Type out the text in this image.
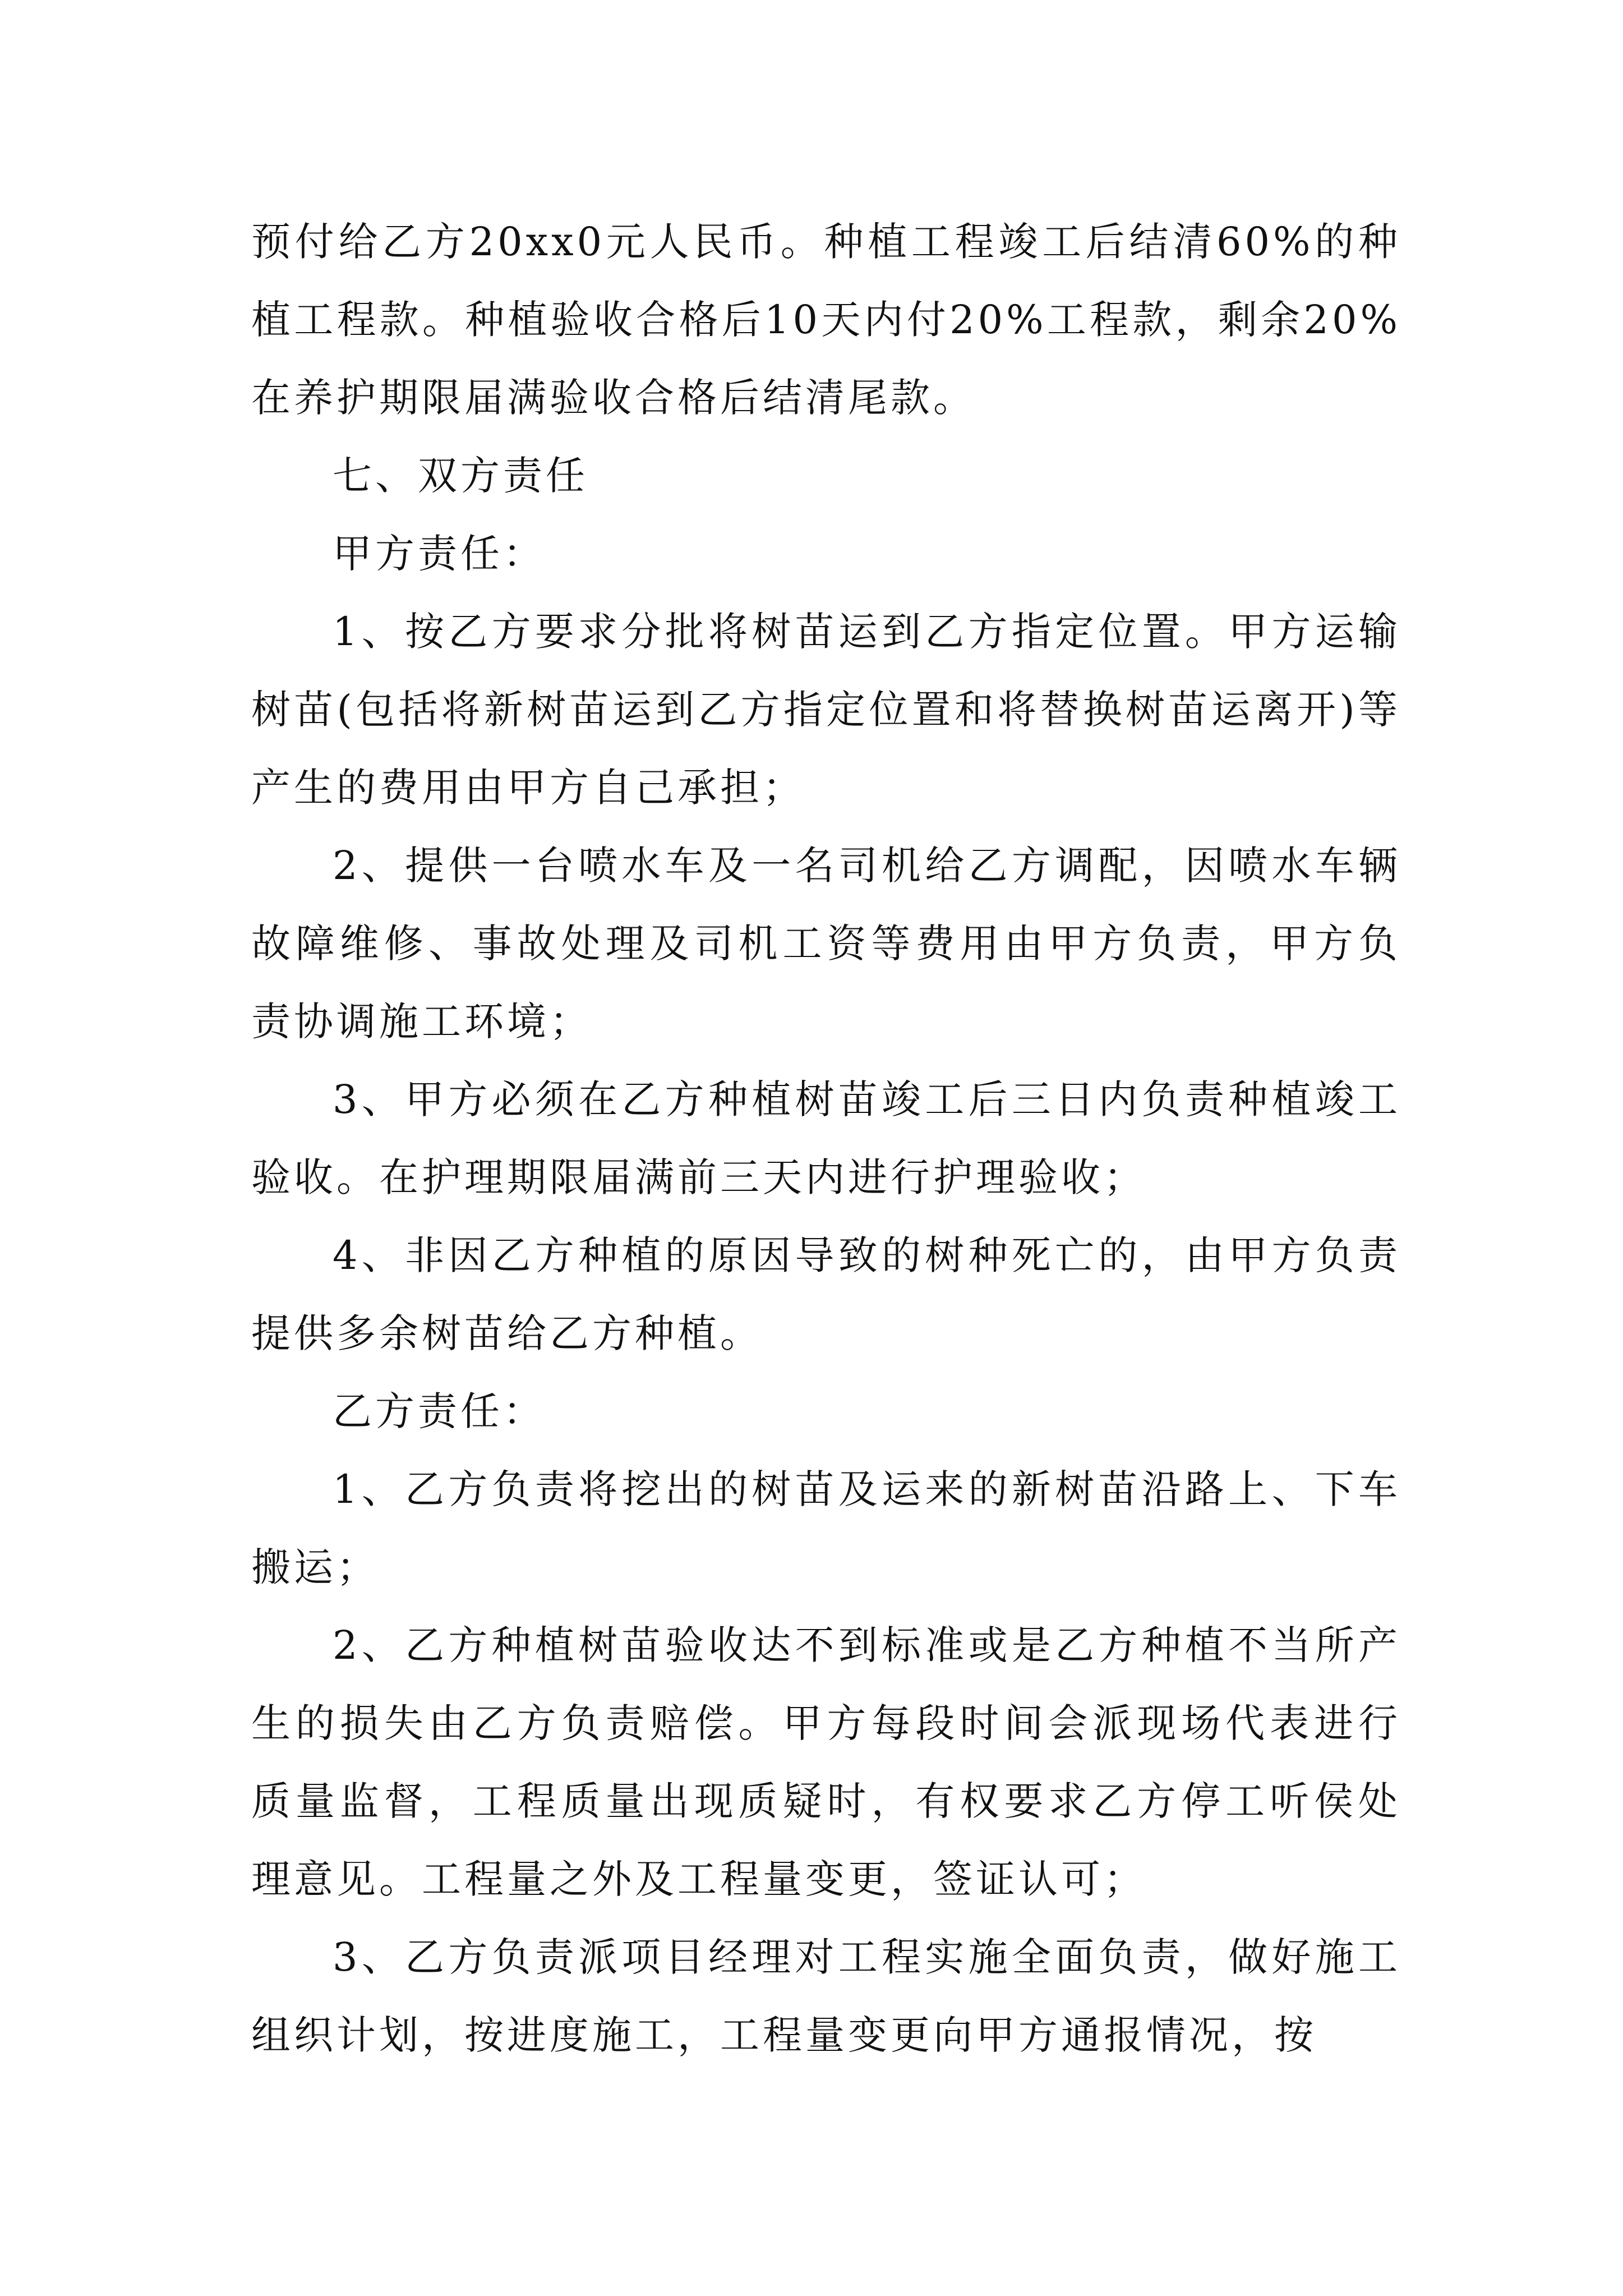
预付给乙方20xx0元人民币。种植工程竣工后结清60%的种植工程款。种植验收合格后10天内付20%工程款，剩余20%在养护期限届满验收合格后结清尾款。

七、双方责任

甲方责任：

1、按乙方要求分批将树苗运到乙方指定位置。甲方运输树苗(包括将新树苗运到乙方指定位置和将替换树苗运离开)等产生的费用由甲方自己承担；

2、提供一台喷水车及一名司机给乙方调配，因喷水车辆故障维修、事故处理及司机工资等费用由甲方负责，甲方负责协调施工环境；

3、甲方必须在乙方种植树苗竣工后三日内负责种植竣工验收。在护理期限届满前三天内进行护理验收；

4、非因乙方种植的原因导致的树种死亡的，由甲方负责提供多余树苗给乙方种植。

乙方责任：

1、乙方负责将挖出的树苗及运来的新树苗沿路上、下车搬运；

2、乙方种植树苗验收达不到标准或是乙方种植不当所产生的损失由乙方负责赔偿。甲方每段时间会派现场代表进行质量监督，工程质量出现质疑时，有权要求乙方停工听侯处理意见。工程量之外及工程量变更，签证认可；

3、乙方负责派项目经理对工程实施全面负责，做好施工组织计划，按进度施工，工程量变更向甲方通报情况，按
